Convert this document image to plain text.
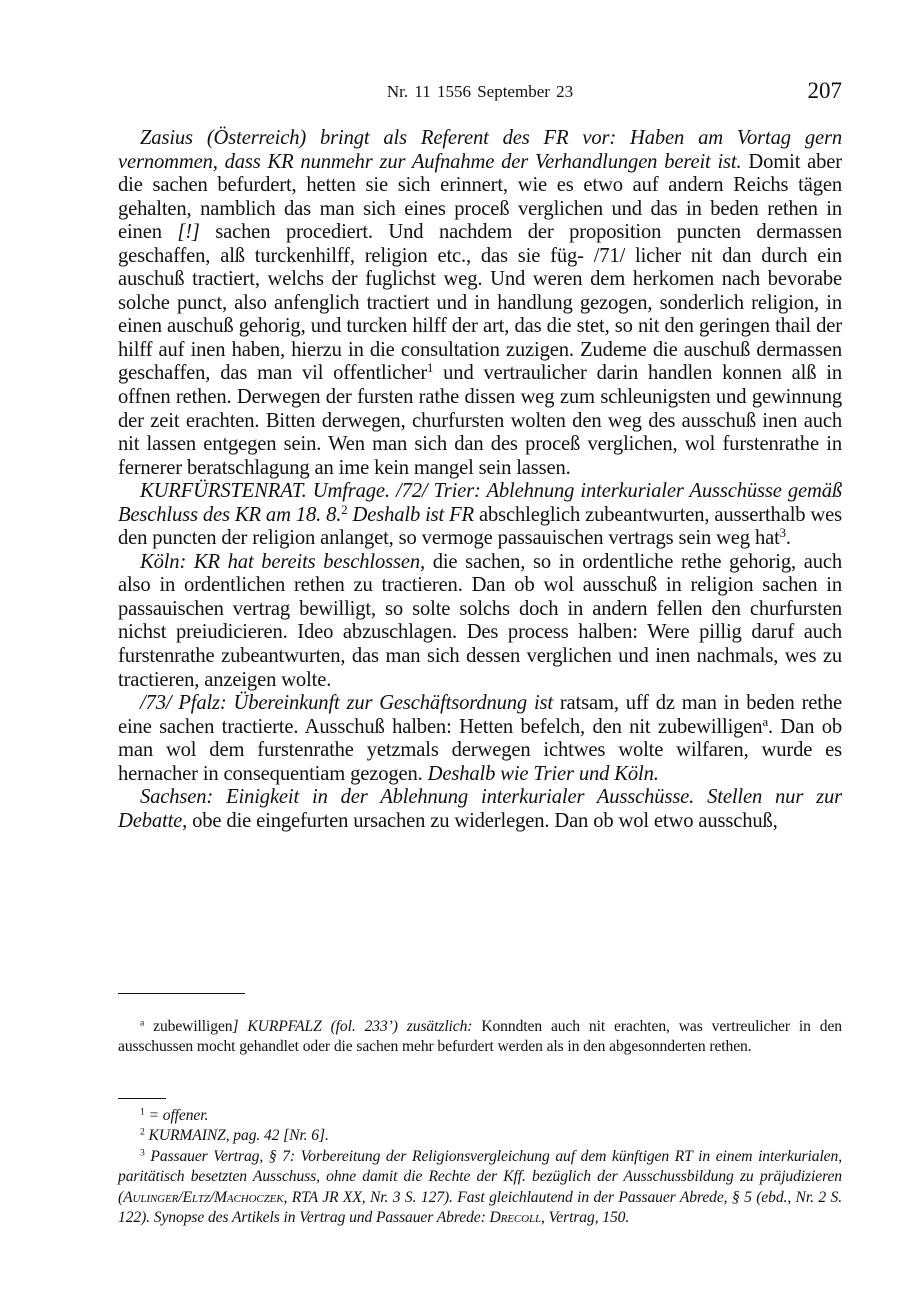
Nr. 11 1556 September 23	207

Zasius (Österreich) bringt als Referent des FR vor: Haben am Vortag gern vernommen, dass KR nunmehr zur Aufnahme der Verhandlungen bereit ist. Domit aber die sachen befurdert, hetten sie sich erinnert, wie es etwo auf andern Reichs tägen gehalten, namblich das man sich eines proceß verglichen und das in beden rethen in einen [!] sachen procediert. Und nachdem der proposition puncten dermassen geschaffen, alß turckenhilff, religion etc., das sie füg- /71/ licher nit dan durch ein auschuß tractiert, welchs der fuglichst weg. Und weren dem herkomen nach bevorabe solche punct, also anfenglich tractiert und in handlung gezogen, sonderlich religion, in einen auschuß gehorig, und turcken hilff der art, das die stet, so nit den geringen thail der hilff auf inen haben, hierzu in die consultation zuzigen. Zudeme die auschuß dermassen geschaffen, das man vil offentlicher$^1$ und vertraulicher darin handlen konnen alß in offnen rethen. Derwegen der fursten rathe dissen weg zum schleunigsten und gewinnung der zeit erachten. Bitten derwegen, churfursten wolten den weg des ausschuß inen auch nit lassen entgegen sein. Wen man sich dan des proceß verglichen, wol furstenrathe in fernerer beratschlagung an ime kein mangel sein lassen.

KURFÜRSTENRAT. Umfrage. /72/ Trier: Ablehnung interkurialer Ausschüsse gemäß Beschluss des KR am 18. 8.$^2$ Deshalb ist FR abschleglich zubeantwurten, ausserthalb wes den puncten der religion anlanget, so vermoge passauischen vertrags sein weg hat$^3$.

Köln: KR hat bereits beschlossen, die sachen, so in ordentliche rethe gehorig, auch also in ordentlichen rethen zu tractieren. Dan ob wol ausschuß in religion sachen in passauischen vertrag bewilligt, so solte solchs doch in andern fellen den churfursten nichst preiudicieren. Ideo abzuschlagen. Des process halben: Were pillig daruf auch furstenrathe zubeantwurten, das man sich dessen verglichen und inen nachmals, wes zu tractieren, anzeigen wolte.

/73/ Pfalz: Übereinkunft zur Geschäftsordnung ist ratsam, uff dz man in beden rethe eine sachen tractierte. Ausschuß halben: Hetten befelch, den nit zubewilligen$^a$. Dan ob man wol dem furstenrathe yetzmals derwegen ichtwes wolte wilfaren, wurde es hernacher in consequentiam gezogen. Deshalb wie Trier und Köln.

Sachsen: Einigkeit in der Ablehnung interkurialer Ausschüsse. Stellen nur zur Debatte, obe die eingefurten ursachen zu widerlegen. Dan ob wol etwo ausschuß,

$^a$ zubewilligen] KURPFALZ (fol. 233’) zusätzlich: Konndten auch nit erachten, was vertreulicher in den ausschussen mocht gehandlet oder die sachen mehr befurdert werden als in den abgesonnderten rethen.

$^1$ = offener.

$^2$ KURMAINZ, pag. 42 [Nr. 6].

$^3$ Passauer Vertrag, § 7: Vorbereitung der Religionsvergleichung auf dem künftigen RT in einem interkurialen, paritätisch besetzten Ausschuss, ohne damit die Rechte der Kff. bezüglich der Ausschussbildung zu präjudizieren (Aulinger/Eltz/Machoczek, RTA JR XX, Nr. 3 S. 127). Fast gleichlautend in der Passauer Abrede, § 5 (ebd., Nr. 2 S. 122). Synopse des Artikels in Vertrag und Passauer Abrede: Drecoll, Vertrag, 150.
